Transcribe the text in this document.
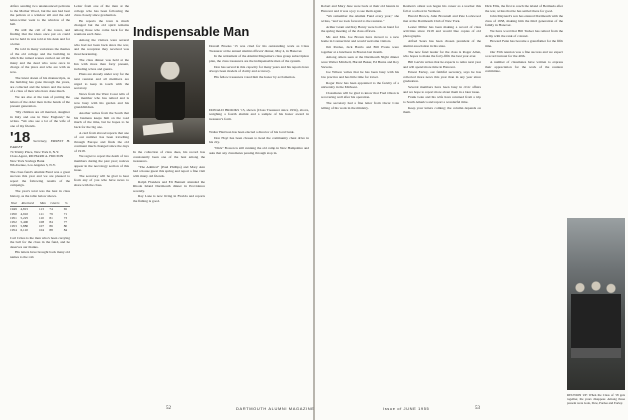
Alfaro sending two unannounced pelicans to the Mother Wood, but the sun had beat the pelican at a window sill and the odd letter-writer went to the window of the hall.

He still the call of the tower, and finding that the ideas once put on could not be held in was told at his desk and for a letter.

He told in many variations the themes of the old college and the building in which the ruined scenes carried out all the many and the dead who were once in charge of the place and who are with us now.

The latest dozen of his manuscripts, as the building has gone through the years, are collected and the letters and the notes of a class of men who have done much.

We are also at the task of putting the letters of the older men in the hands of the present generation.

"My children are all married, daughter in Italy and one in New England," he writes. "We also see a lot of the wife of one of my friends.

'18 Secretary, ERNEST H. EARLEY
74 Trinity Place, New York 6, N.Y.
Class Agent, RICHARD A. HOLTON
New York Savings Bank
8th Avenue, Los Angeles 3, N.Y.

The class fund's Alumni Fund was a great success this year and we are pleased to report the following results of the campaign.

The year's total was the best in class history, as the table below shows.

Year	Received	Men	Givers	%
1949	4,815	113	74	65
1950	4,910	111	79	71
1951	5,225	110	81	73
1952	5,400	108	84	77
1953	5,880	107	86	80
1954	6,110	104	88	84

Carl Crites is the man who's been carrying the ball for the class in the fund, and he deserves our thanks.

His letters have brought back many old names to the roll.

Letter from one of the men at the college who has been following the class closely since graduation.

He reports the town is much changed but the old spirit remains among those who come back for the reunions each June.

Among the visitors were several who had not been back since the war, and the reception they received was most heartening.

The class dinner was held at the Inn with more than forty present, including wives and guests.

Plans are already under way for the next reunion and all members are urged to keep in touch with the secretary.

News from the West Coast tells of one member who has retired and is now busy with his garden and his grandchildren.

Another writes from the South that his business keeps him on the road much of the time, but he hopes to be back for the big one.

A card from abroad reports that one of our number has been travelling through Europe and finds the old continent much changed since the days of 1918.

We regret to report the death of two members during the past year; notices appear in the necrology section of this issue.

The secretary will be glad to hear from any of you who have news to share with the class.

Indispensable Man

Donald Brooks '15 was cited for his outstanding work as Class Treasurer at the annual alumni officers' dinner, May 4, in Hanover.

In the retirement of the Alumni Magazine's class group subscription plan, the class treasurers are the indispensable men of the system.

Don has served in this capacity for many years and his reports have always been models of clarity and accuracy.

His fellow treasurers voted him the honor by acclamation.

DONALD BROOKS '15, shown (Class Treasurer since 1934), above, weighing a fourth alumni and a sample of his honor award in treasurer's form.

In the collection of class dues, his record has consistently been one of the best among the treasurers.

"The Admiral" (Paul Phillips) and Mary Ann had a house guest this spring and report a fine visit with many old friends.

Ralph Flanders and Eli Bennett attended the Rhode Island Dartmouth dinner in Providence recently.

Ray Lane is now living in Florida and reports the fishing is good.

Walter Harrison has been elected a director of his local bank.

Don Hoyt has been chosen to head the community chest drive in his city.

"Dick" Bowen is still running the old camp in New Hampshire and asks that any classmates passing through stop in.

52

Robert and Mary Jane were back at their old haunts in Hanover and it was a joy to see them again.

"We remember the Alumni Fund every year," she writes, "and we look forward to the reunion."

Arthur Grant and Ray Henry were both on hand for the spring meeting of the class officers.

Mr. and Mrs. Joe Brown have moved to a new home in Connecticut and would welcome visitors.

Jim Pardee, Jack Harris and Bill Evans were together at a luncheon in Boston last month.

Among others seen at the Dartmouth Night dinner were Walter Mitchell, Harold Baker, Ed Burns and Roy Stevens.

Joe Wilson writes that he has been busy with his law practice and has little time for travel.

Roger Dow has been appointed to the faculty of a university in the Midwest.

Classmates will be glad to know that Fred Olson is recovering well after his operation.

The secretary had a fine letter from Oscar Cole telling of his work in the ministry.

Reuben's oldest son began his career as a teacher this fall at a school in Vermont.

Harold Brown, John Brownell and Pete Lockwood met at the Dartmouth Club of New York.

Lester Miller has been making a record of class activities since 1918 and would like copies of old photographs.

Alfred Sears has been chosen president of the alumni association in his state.

The new fund leader for the class is Roger Allen, who hopes to make the forty-fifth the best year ever.

Bill Garvin writes that he expects to retire next year and will spend more time in Hanover.

Ernest Earley, our faithful secretary, says he has collected more news this year than in any year since graduation.

Several members have been busy in civic affairs and we hope to report more about them in a later issue.

Frank Gale and his wife have returned from a trip to South America and report a wonderful time.

Keep your letters coming; the column depends on them.

Dick Ellis, the first to reach the island of Bermuda after the war, writes that he has settled there for good.

John Maynard's son has entered Dartmouth with the class of 1958, making him the third generation of the family in Hanover.

We have word that Bill Tucker has retired from the Army with the rank of colonel.

Howard Fenn has become a grandfather for the fifth time.

Our 35th reunion was a fine success and we expect a record turnout for the 40th.

A number of classmates have written to express their appreciation for the work of the reunion committee.

Issue of JUNE 1955	53
REUNION UP: When the Class of '18 gets together, the years disappear. Among those present were Gale, Dow, Pardee and Earley.
DARTMOUTH ALUMNI MAGAZINE
